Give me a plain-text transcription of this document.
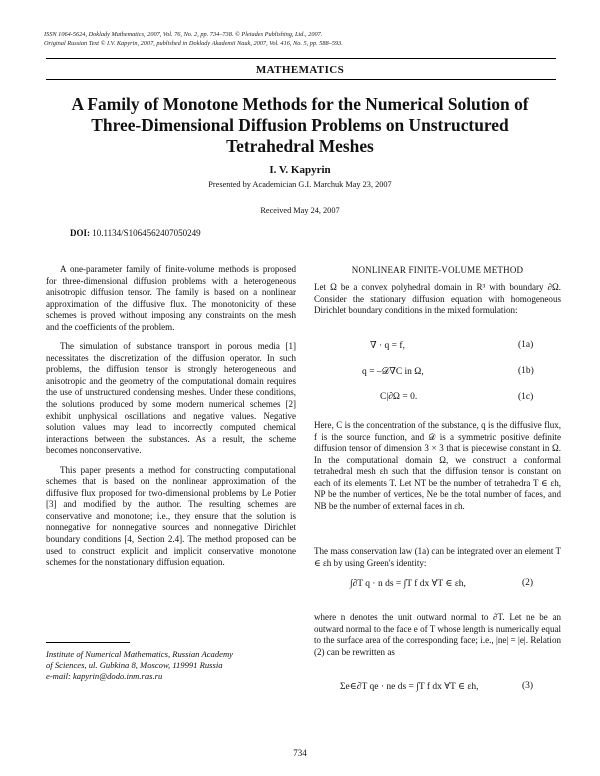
ISSN 1064-5624, Doklady Mathematics, 2007, Vol. 76, No. 2, pp. 734–738. © Pleiades Publishing, Ltd., 2007.
Original Russian Text © I.V. Kapyrin, 2007, published in Doklady Akademii Nauk, 2007, Vol. 416, No. 5, pp. 588–593.
MATHEMATICS
A Family of Monotone Methods for the Numerical Solution of Three-Dimensional Diffusion Problems on Unstructured Tetrahedral Meshes
I. V. Kapyrin
Presented by Academician G.I. Marchuk May 23, 2007
Received May 24, 2007
DOI: 10.1134/S1064562407050249

A one-parameter family of finite-volume methods is proposed for three-dimensional diffusion problems with a heterogeneous anisotropic diffusion tensor. The family is based on a nonlinear approximation of the diffusive flux. The monotonicity of these schemes is proved without imposing any constraints on the mesh and the coefficients of the problem.

The simulation of substance transport in porous media [1] necessitates the discretization of the diffusion operator. In such problems, the diffusion tensor is strongly heterogeneous and anisotropic and the geometry of the computational domain requires the use of unstructured condensing meshes. Under these conditions, the solutions produced by some modern numerical schemes [2] exhibit unphysical oscillations and negative values. Negative solution values may lead to incorrectly computed chemical interactions between the substances. As a result, the scheme becomes nonconservative.

This paper presents a method for constructing computational schemes that is based on the nonlinear approximation of the diffusive flux proposed for two-dimensional problems by Le Potier [3] and modified by the author. The resulting schemes are conservative and monotone; i.e., they ensure that the solution is nonnegative for nonnegative sources and nonnegative Dirichlet boundary conditions [4, Section 2.4]. The method proposed can be used to construct explicit and implicit conservative monotone schemes for the nonstationary diffusion equation.

Institute of Numerical Mathematics, Russian Academy
of Sciences, ul. Gubkina 8, Moscow, 119991 Russia
e-mail: kapyrin@dodo.inm.ras.ru
NONLINEAR FINITE-VOLUME METHOD
Let Ω be a convex polyhedral domain in R³ with boundary ∂Ω. Consider the stationary diffusion equation with homogeneous Dirichlet boundary conditions in the mixed formulation:
∇ · q = f,	(1a)
q = –𝒟∇C in Ω,	(1b)
C|∂Ω = 0.	(1c)
Here, C is the concentration of the substance, q is the diffusive flux, f is the source function, and 𝒟 is a symmetric positive definite diffusion tensor of dimension 3 × 3 that is piecewise constant in Ω. In the computational domain Ω, we construct a conformal tetrahedral mesh εh such that the diffusion tensor is constant on each of its elements T. Let NT be the number of tetrahedra T ∈ εh, NP be the number of vertices, Ne be the total number of faces, and NB be the number of external faces in εh.
The mass conservation law (1a) can be integrated over an element T ∈ εh by using Green's identity:
∫∂T q · n ds = ∫T f dx ∀T ∈ εh,	(2)
where n denotes the unit outward normal to ∂T. Let ne be an outward normal to the face e of T whose length is numerically equal to the surface area of the corresponding face; i.e., |ne| = |e|. Relation (2) can be rewritten as
Σe∈∂T qe · ne ds = ∫T f dx ∀T ∈ εh,	(3)
734
